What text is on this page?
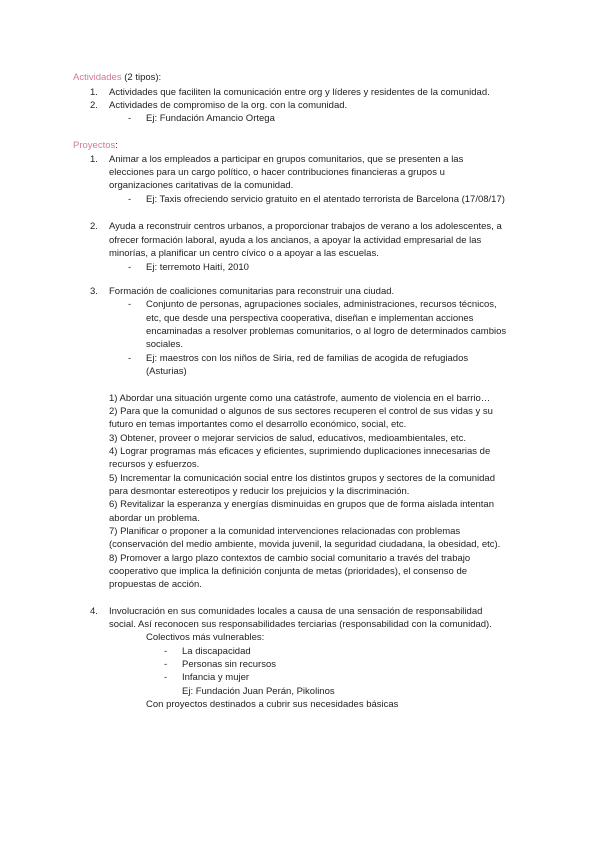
Actividades (2 tipos):
1. Actividades que faciliten la comunicación entre org y líderes y residentes de la comunidad.
2. Actividades de compromiso de la org. con la comunidad.
- Ej: Fundación Amancio Ortega
Proyectos:
1. Animar a los empleados a participar en grupos comunitarios, que se presenten a las
elecciones para un cargo político, o hacer contribuciones financieras a grupos u
organizaciones caritativas de la comunidad.
- Ej: Taxis ofreciendo servicio gratuito en el atentado terrorista de Barcelona (17/08/17)
2. Ayuda a reconstruir centros urbanos, a proporcionar trabajos de verano a los adolescentes, a
ofrecer formación laboral, ayuda a los ancianos, a apoyar la actividad empresarial de las
minorías, a planificar un centro cívico o a apoyar a las escuelas.
- Ej: terremoto Haití, 2010
3. Formación de coaliciones comunitarias para reconstruir una ciudad.
- Conjunto de personas, agrupaciones sociales, administraciones, recursos técnicos,
etc, que desde una perspectiva cooperativa, diseñan e implementan acciones
encaminadas a resolver problemas comunitarios, o al logro de determinados cambios
sociales.
- Ej: maestros con los niños de Siria, red de familias de acogida de refugiados
(Asturias)
1) Abordar una situación urgente como una catástrofe, aumento de violencia en el barrio…
2) Para que la comunidad o algunos de sus sectores recuperen el control de sus vidas y su
futuro en temas importantes como el desarrollo económico, social, etc.
3) Obtener, proveer o mejorar servicios de salud, educativos, medioambientales, etc.
4) Lograr programas más eficaces y eficientes, suprimiendo duplicaciones innecesarias de
recursos y esfuerzos.
5) Incrementar la comunicación social entre los distintos grupos y sectores de la comunidad
para desmontar estereotipos y reducir los prejuicios y la discriminación.
6) Revitalizar la esperanza y energías disminuidas en grupos que de forma aislada intentan
abordar un problema.
7) Planificar o proponer a la comunidad intervenciones relacionadas con problemas
(conservación del medio ambiente, movida juvenil, la seguridad ciudadana, la obesidad, etc).
8) Promover a largo plazo contextos de cambio social comunitario a través del trabajo
cooperativo que implica la definición conjunta de metas (prioridades), el consenso de
propuestas de acción.
4. Involucración en sus comunidades locales a causa de una sensación de responsabilidad
social. Así reconocen sus responsabilidades terciarias (responsabilidad con la comunidad).
Colectivos más vulnerables:
- La discapacidad
- Personas sin recursos
- Infancia y mujer
Ej: Fundación Juan Perán, Pikolinos
Con proyectos destinados a cubrir sus necesidades básicas
